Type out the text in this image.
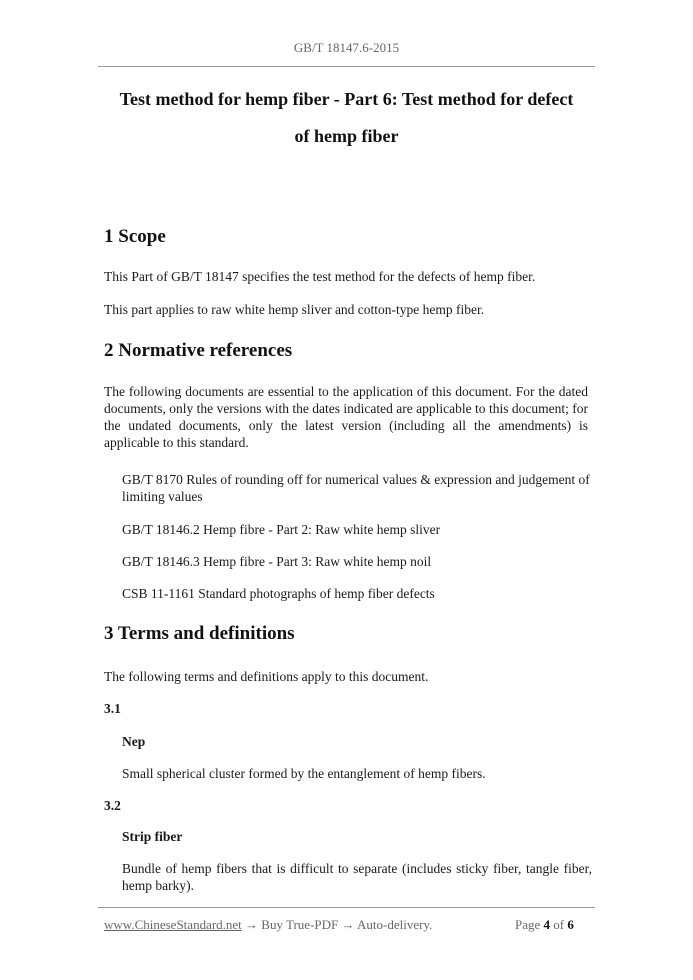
GB/T 18147.6-2015
Test method for hemp fiber - Part 6: Test method for defect
of hemp fiber
1 Scope
This Part of GB/T 18147 specifies the test method for the defects of hemp fiber.
This part applies to raw white hemp sliver and cotton-type hemp fiber.
2 Normative references
The following documents are essential to the application of this document. For the dated documents, only the versions with the dates indicated are applicable to this document; for the undated documents, only the latest version (including all the amendments) is applicable to this standard.
GB/T 8170 Rules of rounding off for numerical values & expression and judgement of limiting values
GB/T 18146.2 Hemp fibre - Part 2: Raw white hemp sliver
GB/T 18146.3 Hemp fibre - Part 3: Raw white hemp noil
CSB 11-1161 Standard photographs of hemp fiber defects
3 Terms and definitions
The following terms and definitions apply to this document.
3.1
Nep
Small spherical cluster formed by the entanglement of hemp fibers.
3.2
Strip fiber
Bundle of hemp fibers that is difficult to separate (includes sticky fiber, tangle fiber, hemp barky).
www.ChineseStandard.net → Buy True-PDF → Auto-delivery.	Page 4 of 6
